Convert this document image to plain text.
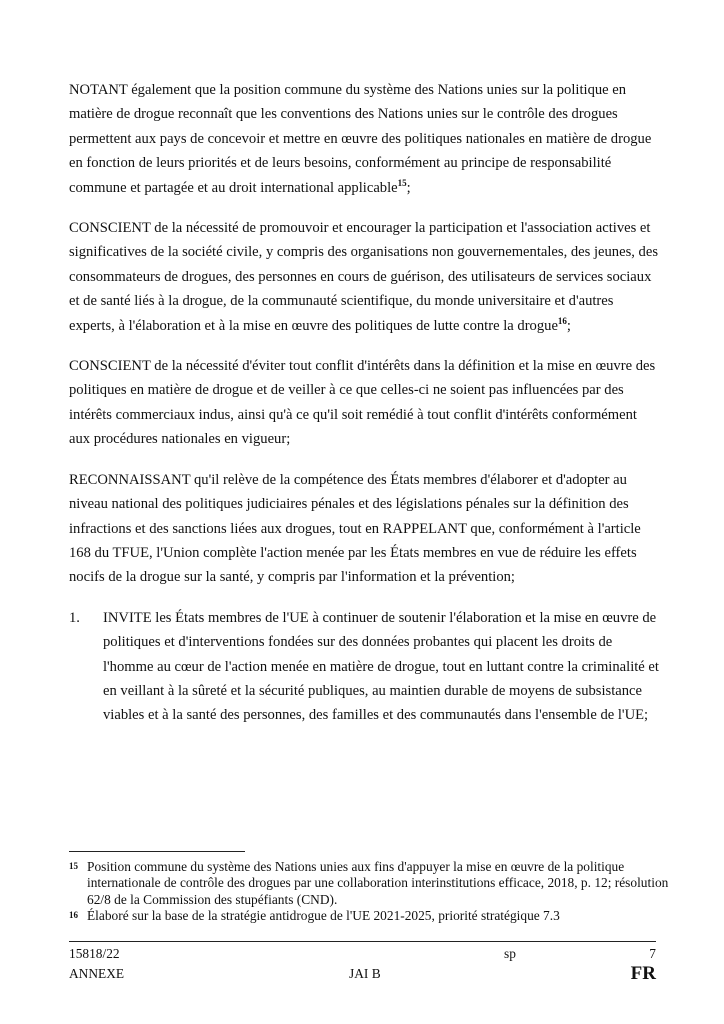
NOTANT également que la position commune du système des Nations unies sur la politique en matière de drogue reconnaît que les conventions des Nations unies sur le contrôle des drogues permettent aux pays de concevoir et mettre en œuvre des politiques nationales en matière de drogue en fonction de leurs priorités et de leurs besoins, conformément au principe de responsabilité commune et partagée et au droit international applicable$^{15}$;

CONSCIENT de la nécessité de promouvoir et encourager la participation et l'association actives et significatives de la société civile, y compris des organisations non gouvernementales, des jeunes, des consommateurs de drogues, des personnes en cours de guérison, des utilisateurs de services sociaux et de santé liés à la drogue, de la communauté scientifique, du monde universitaire et d'autres experts, à l'élaboration et à la mise en œuvre des politiques de lutte contre la drogue$^{16}$;

CONSCIENT de la nécessité d'éviter tout conflit d'intérêts dans la définition et la mise en œuvre des politiques en matière de drogue et de veiller à ce que celles-ci ne soient pas influencées par des intérêts commerciaux indus, ainsi qu'à ce qu'il soit remédié à tout conflit d'intérêts conformément aux procédures nationales en vigueur;

RECONNAISSANT qu'il relève de la compétence des États membres d'élaborer et d'adopter au niveau national des politiques judiciaires pénales et des législations pénales sur la définition des infractions et des sanctions liées aux drogues, tout en RAPPELANT que, conformément à l'article 168 du TFUE, l'Union complète l'action menée par les États membres en vue de réduire les effets nocifs de la drogue sur la santé, y compris par l'information et la prévention;

1.	INVITE les États membres de l'UE à continuer de soutenir l'élaboration et la mise en œuvre de politiques et d'interventions fondées sur des données probantes qui placent les droits de l'homme au cœur de l'action menée en matière de drogue, tout en luttant contre la criminalité et en veillant à la sûreté et la sécurité publiques, au maintien durable de moyens de subsistance viables et à la santé des personnes, des familles et des communautés dans l'ensemble de l'UE;
15 Position commune du système des Nations unies aux fins d'appuyer la mise en œuvre de la politique internationale de contrôle des drogues par une collaboration interinstitutions efficace, 2018, p. 12; résolution 62/8 de la Commission des stupéfiants (CND).
16 Élaboré sur la base de la stratégie antidrogue de l'UE 2021-2025, priorité stratégique 7.3
15818/22	sp	7
ANNEXE	JAI B	FR
